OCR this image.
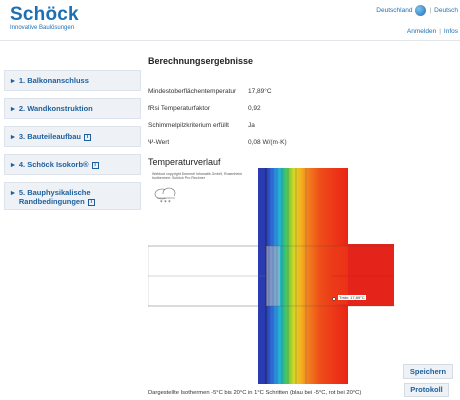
Schöck
Innovative Baulösungen
Deutschland	| Deutsch
Anmelden | Infos
▸ 1. Balkonanschluss
▸ 2. Wandkonstruktion
▸ 3. Bauteileaufbau i
▸ 4. Schöck Isokorb® i
▸ 5. Bauphysikalische
Randbedingungen i
Berechnungsergebnisse
Mindestoberflächentemperatur 17,89°C
fRsi Temperaturfaktor	0,92
Schimmelpilzkriterium erfüllt	Ja
Ψ-Wert	0,08 W/(m·K)
Temperaturverlauf
Webtool copyright Dommel Infomatik GmbH, Rosenheim
Isothermen: Schöck Pro Rechner
* * *
Tmin: 17,89°C
Speichern
Protokoll
Dargestellte Isothermen -5°C bis 20°C in 1°C Schritten (blau bei -5°C, rot bei 20°C)
